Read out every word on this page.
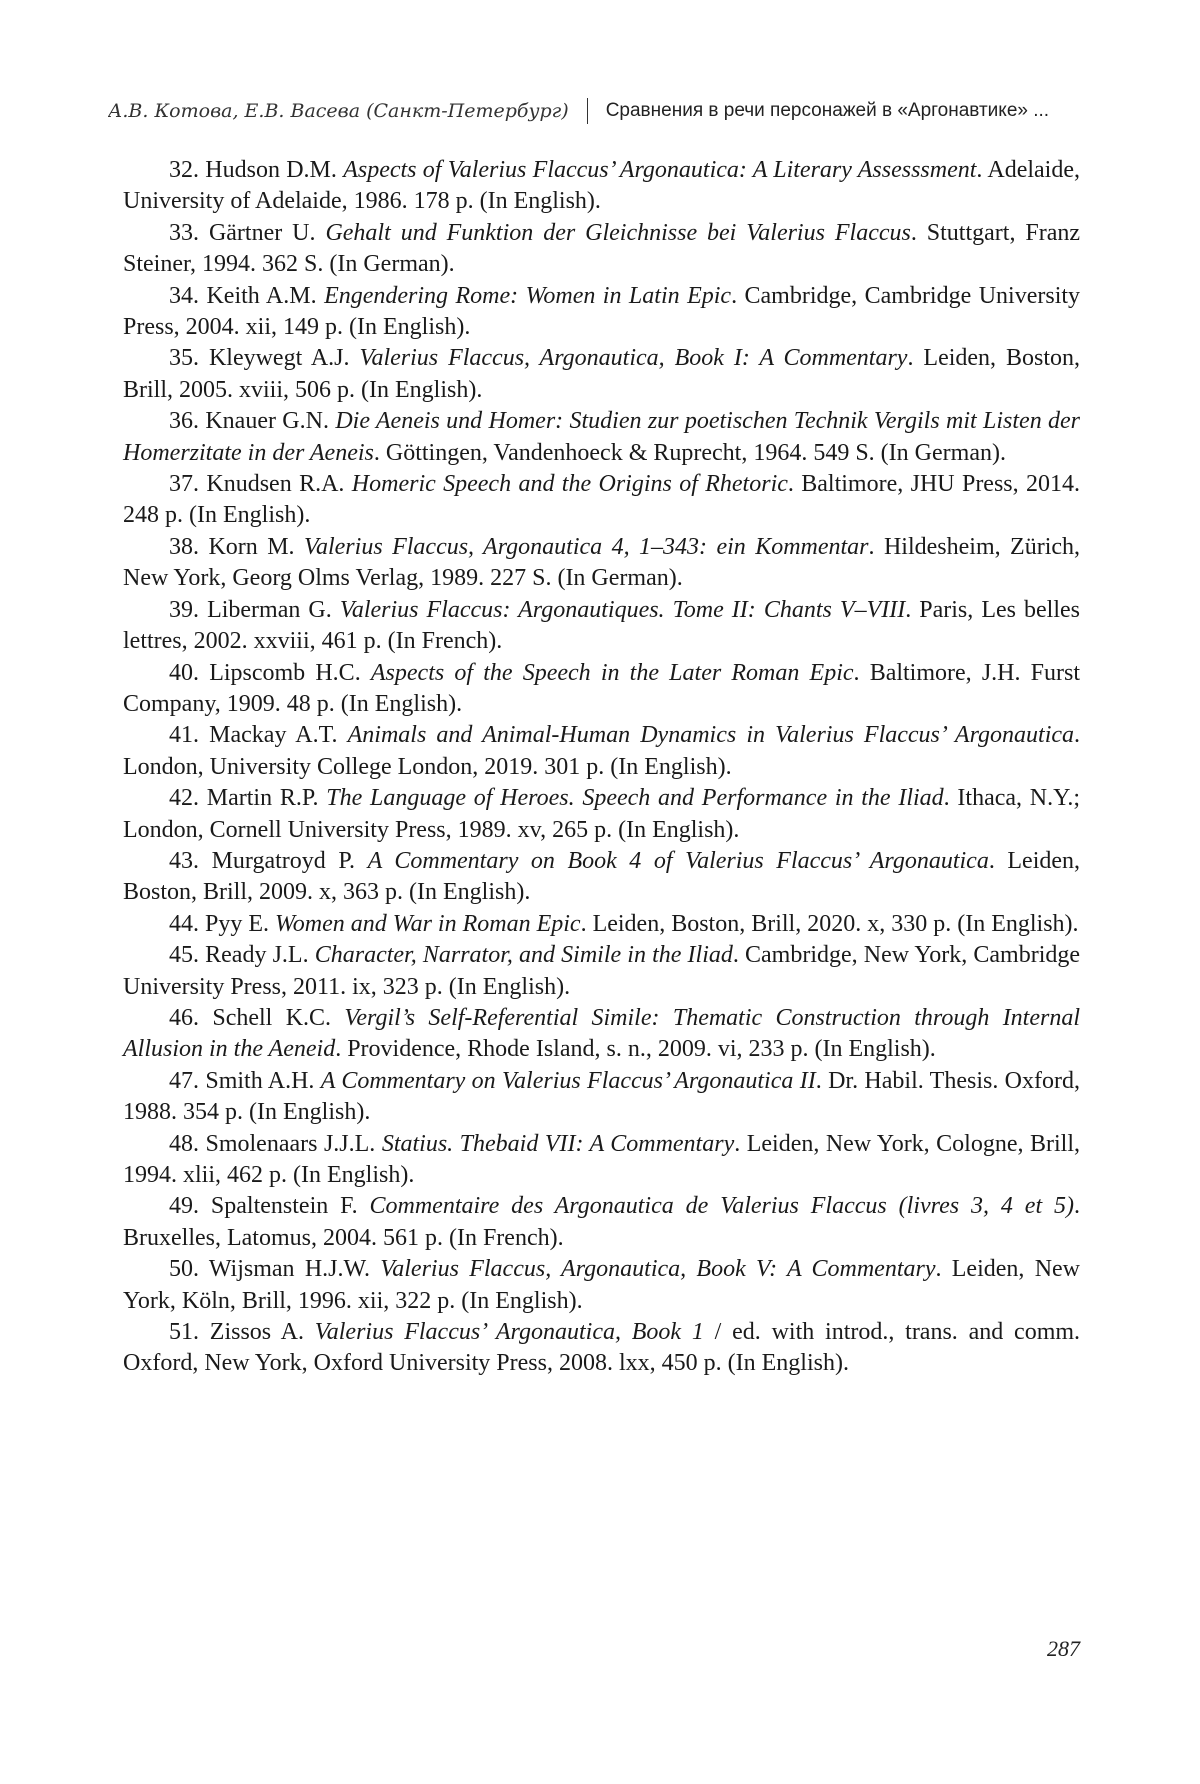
А.В. Котова, Е.В. Васева (Санкт-Петербург) Сравнения в речи персонажей в «Аргонавтике» ...
32. Hudson D.M. Aspects of Valerius Flaccus’ Argonautica: A Literary Assesssment. Adelaide, University of Adelaide, 1986. 178 p. (In English).
33. Gärtner U. Gehalt und Funktion der Gleichnisse bei Valerius Flaccus. Stuttgart, Franz Steiner, 1994. 362 S. (In German).
34. Keith A.M. Engendering Rome: Women in Latin Epic. Cambridge, Cambridge University Press, 2004. xii, 149 p. (In English).
35. Kleywegt A.J. Valerius Flaccus, Argonautica, Book I: A Commentary. Leiden, Boston, Brill, 2005. xviii, 506 p. (In English).
36. Knauer G.N. Die Aeneis und Homer: Studien zur poetischen Technik Vergils mit Listen der Homerzitate in der Aeneis. Göttingen, Vandenhoeck & Ruprecht, 1964. 549 S. (In German).
37. Knudsen R.A. Homeric Speech and the Origins of Rhetoric. Baltimore, JHU Press, 2014. 248 p. (In English).
38. Korn M. Valerius Flaccus, Argonautica 4, 1–343: ein Kommentar. Hildesheim, Zürich, New York, Georg Olms Verlag, 1989. 227 S. (In German).
39. Liberman G. Valerius Flaccus: Argonautiques. Tome II: Chants V–VIII. Paris, Les belles lettres, 2002. xxviii, 461 p. (In French).
40. Lipscomb H.C. Aspects of the Speech in the Later Roman Epic. Baltimore, J.H. Furst Company, 1909. 48 p. (In English).
41. Mackay A.T. Animals and Animal-Human Dynamics in Valerius Flaccus’ Argonautica. London, University College London, 2019. 301 p. (In English).
42. Martin R.P. The Language of Heroes. Speech and Performance in the Iliad. Ithaca, N.Y.; London, Cornell University Press, 1989. xv, 265 p. (In English).
43. Murgatroyd P. A Commentary on Book 4 of Valerius Flaccus’ Argonautica. Leiden, Boston, Brill, 2009. x, 363 p. (In English).
44. Pyy E. Women and War in Roman Epic. Leiden, Boston, Brill, 2020. x, 330 p. (In English).
45. Ready J.L. Character, Narrator, and Simile in the Iliad. Cambridge, New York, Cambridge University Press, 2011. ix, 323 p. (In English).
46. Schell K.C. Vergil’s Self-Referential Simile: Thematic Construction through Internal Allusion in the Aeneid. Providence, Rhode Island, s. n., 2009. vi, 233 p. (In English).
47. Smith A.H. A Commentary on Valerius Flaccus’ Argonautica II. Dr. Habil. Thesis. Oxford, 1988. 354 p. (In English).
48. Smolenaars J.J.L. Statius. Thebaid VII: A Commentary. Leiden, New York, Cologne, Brill, 1994. xlii, 462 p. (In English).
49. Spaltenstein F. Commentaire des Argonautica de Valerius Flaccus (livres 3, 4 et 5). Bruxelles, Latomus, 2004. 561 p. (In French).
50. Wijsman H.J.W. Valerius Flaccus, Argonautica, Book V: A Commentary. Leiden, New York, Köln, Brill, 1996. xii, 322 p. (In English).
51. Zissos A. Valerius Flaccus’ Argonautica, Book 1 / ed. with introd., trans. and comm. Oxford, New York, Oxford University Press, 2008. lxx, 450 p. (In English).
287
